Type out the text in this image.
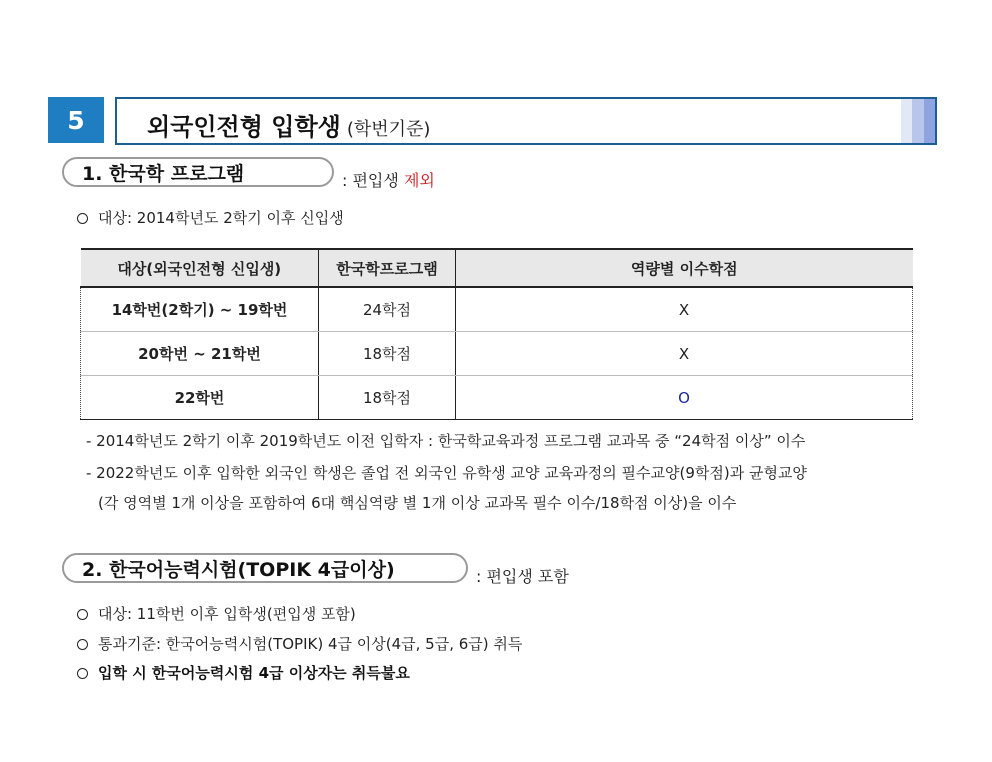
5	외국인전형 입학생 (학번기준)
1. 한국학 프로그램	: 편입생 제외
대상: 2014학년도 2학기 이후 신입생
대상(외국인전형 신입생)	한국학프로그램	역량별 이수학점
14학번(2학기) ~ 19학번	24학점	X
20학번 ~ 21학번	18학점	X
22학번	18학점	O
- 2014학년도 2학기 이후 2019학년도 이전 입학자 : 한국학교육과정 프로그램 교과목 중 “24학점 이상” 이수
- 2022학년도 이후 입학한 외국인 학생은 졸업 전 외국인 유학생 교양 교육과정의 필수교양(9학점)과 균형교양
(각 영역별 1개 이상을 포함하여 6대 핵심역량 별 1개 이상 교과목 필수 이수/18학점 이상)을 이수
2. 한국어능력시험(TOPIK 4급이상)	: 편입생 포함
대상: 11학번 이후 입학생(편입생 포함)
통과기준: 한국어능력시험(TOPIK) 4급 이상(4급, 5급, 6급) 취득
입학 시 한국어능력시험 4급 이상자는 취득불요
